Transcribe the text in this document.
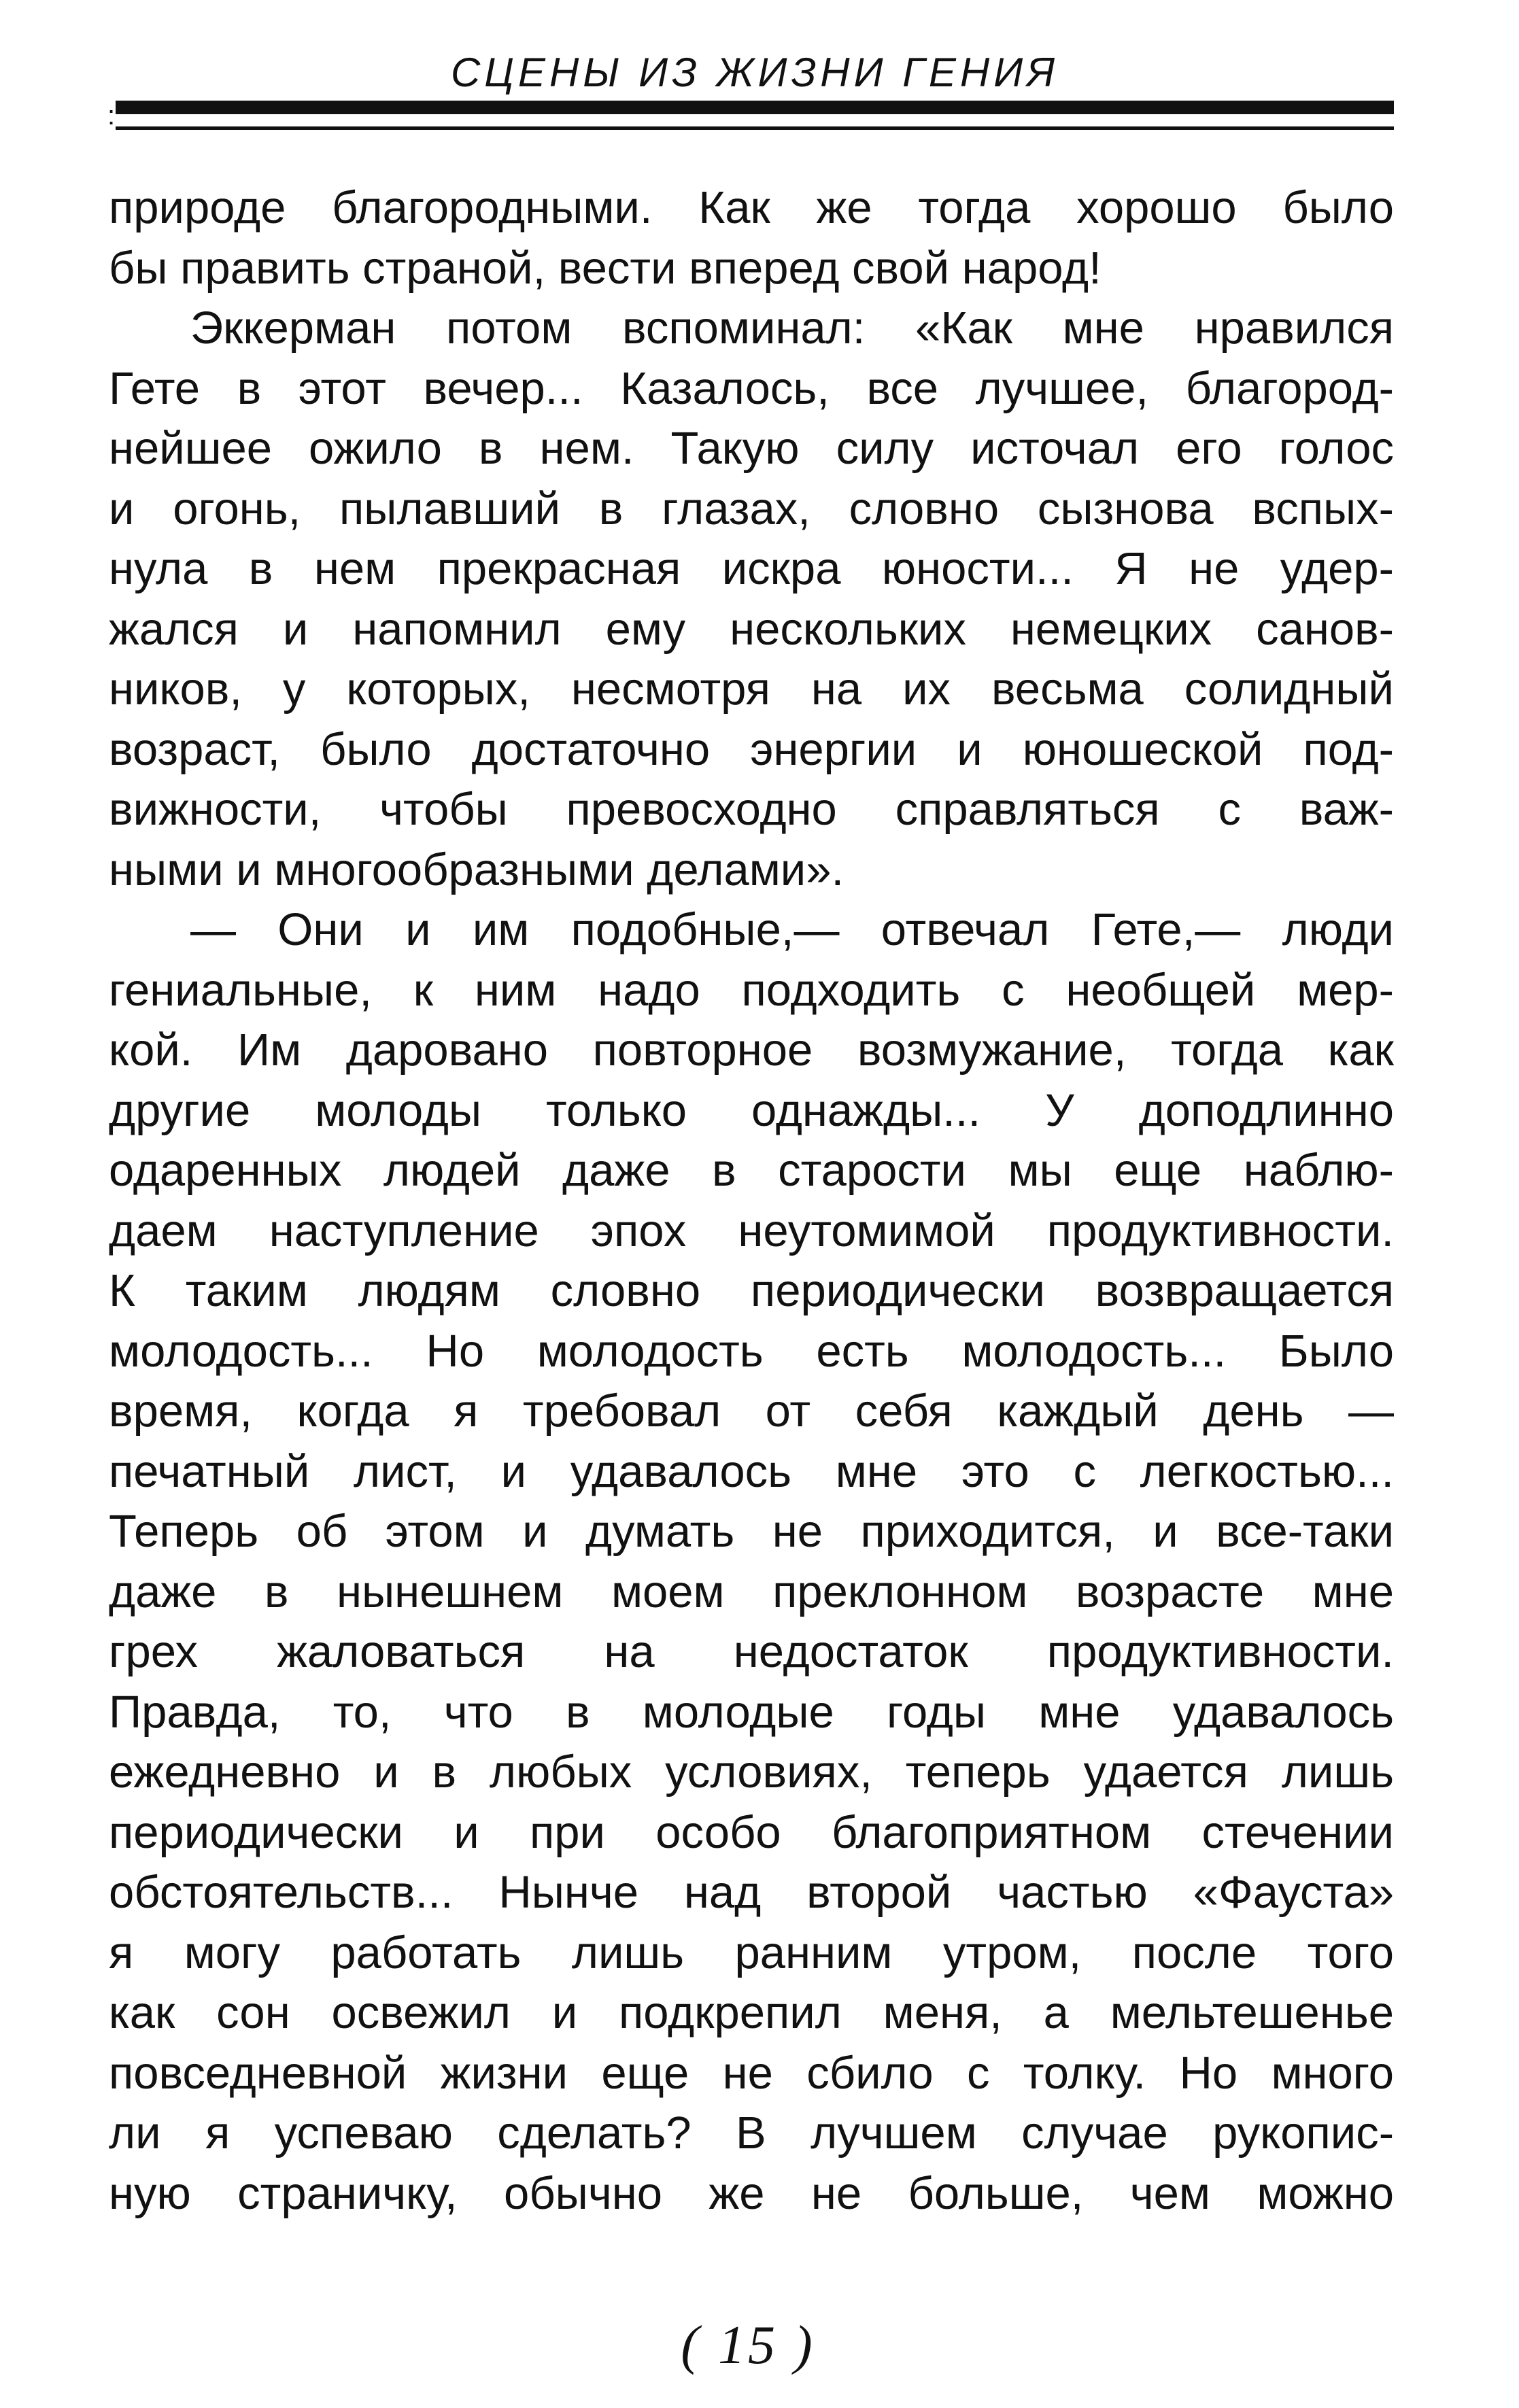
СЦЕНЫ ИЗ ЖИЗНИ ГЕНИЯ
:

природе благородными. Как же тогда хорошо было

бы править страной, вести вперед свой народ!

Эккерман потом вспоминал: «Как мне нравился

Гете в этот вечер... Казалось, все лучшее, благород-

нейшее ожило в нем. Такую силу источал его голос

и огонь, пылавший в глазах, словно сызнова вспых-

нула в нем прекрасная искра юности... Я не удер-

жался и напомнил ему нескольких немецких санов-

ников, у которых, несмотря на их весьма солидный

возраст, было достаточно энергии и юношеской под-

вижности, чтобы превосходно справляться с важ-

ными и многообразными делами».

— Они и им подобные,— отвечал Гете,— люди

гениальные, к ним надо подходить с необщей мер-

кой. Им даровано повторное возмужание, тогда как

другие молоды только однажды... У доподлинно

одаренных людей даже в старости мы еще наблю-

даем наступление эпох неутомимой продуктивности.

К таким людям словно периодически возвращается

молодость... Но молодость есть молодость... Было

время, когда я требовал от себя каждый день —

печатный лист, и удавалось мне это с легкостью...

Теперь об этом и думать не приходится, и все-таки

даже в нынешнем моем преклонном возрасте мне

грех жаловаться на недостаток продуктивности.

Правда, то, что в молодые годы мне удавалось

ежедневно и в любых условиях, теперь удается лишь

периодически и при особо благоприятном стечении

обстоятельств... Нынче над второй частью «Фауста»

я могу работать лишь ранним утром, после того

как сон освежил и подкрепил меня, а мельтешенье

повседневной жизни еще не сбило с толку. Но много

ли я успеваю сделать? В лучшем случае рукопис-

ную страничку, обычно же не больше, чем можно

( 15 )
